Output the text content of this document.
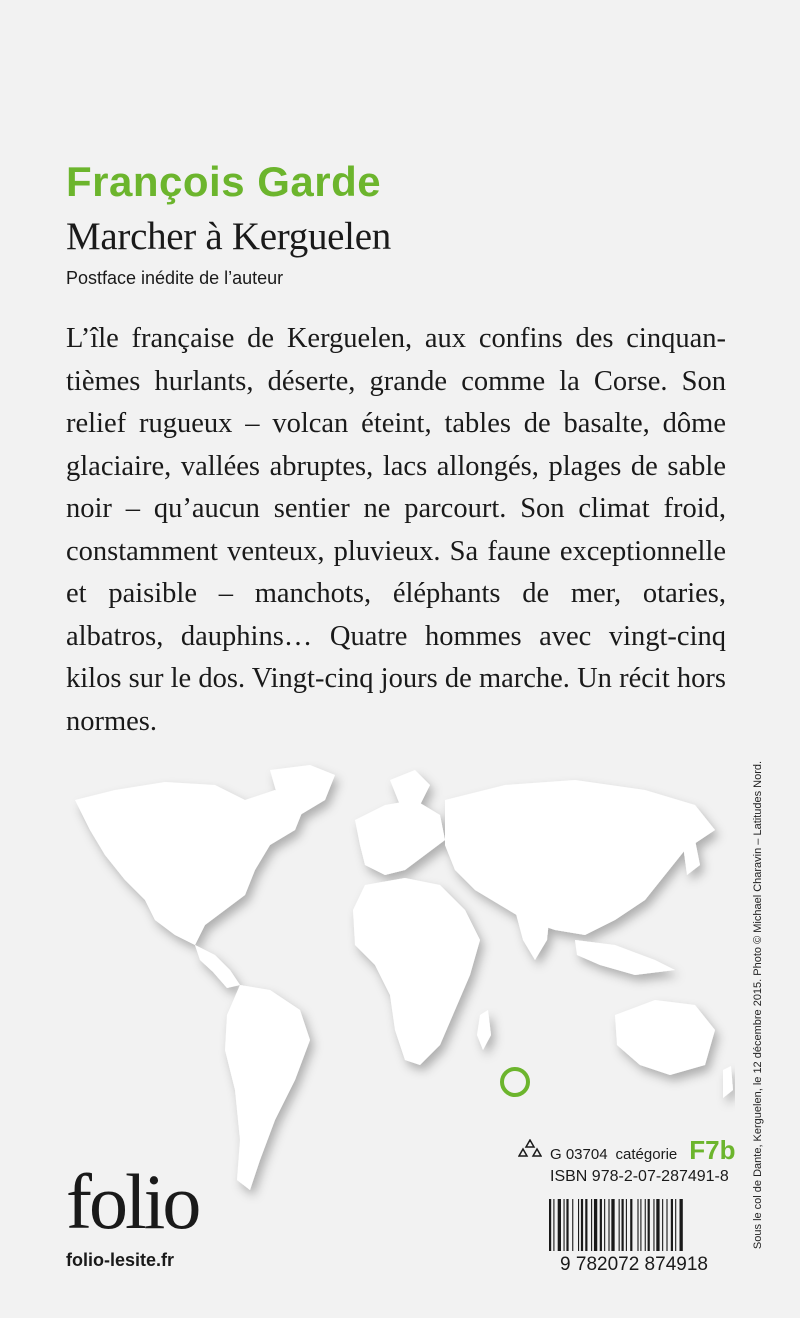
François Garde
Marcher à Kerguelen
Postface inédite de l’auteur
L’île française de Kerguelen, aux confins des cinquantièmes hurlants, déserte, grande comme la Corse. Son relief rugueux – volcan éteint, tables de basalte, dôme glaciaire, vallées abruptes, lacs allongés, plages de sable noir – qu’aucun sentier ne parcourt. Son climat froid, constamment venteux, pluvieux. Sa faune exceptionnelle et paisible – manchots, éléphants de mer, otaries, albatros, dauphins… Quatre hommes avec vingt-cinq kilos sur le dos. Vingt-cinq jours de marche. Un récit hors normes.
Sous le col de Dante, Kerguelen, le 12 décembre 2015. Photo © Michael Charavin – Latitudes Nord.
G 03704 catégorie F7b
ISBN 978-2-07-287491-8
9 782072 874918
folio
folio-lesite.fr
